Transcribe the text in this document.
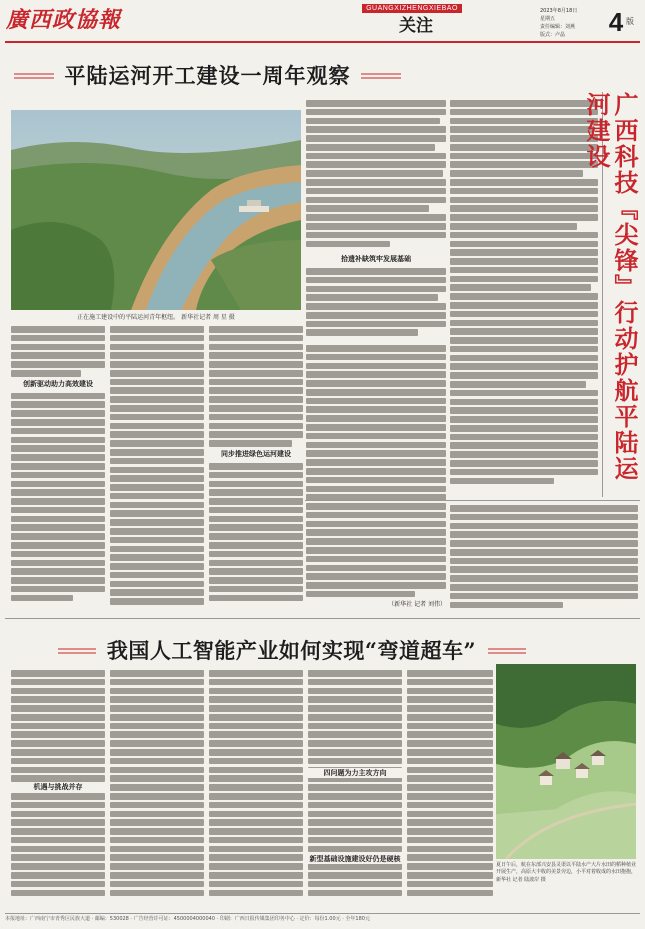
廣西政協報	GUANGXIZHENGXIEBAO
关注
2023年8月18日
星期五
责任编辑：刘燕
版式：卢晶	4 版
平陆运河开工建设一周年观察
正在施工建设中的平陆运河青年枢纽。 新华社记者 周 星 摄
拾遗补缺筑牢发展基础
创新驱动助力高效建设
同步推进绿色运河建设
（新华社 记者 刘伟）
广西科技『尖锋』行动护航平陆运河建设
我国人工智能产业如何实现“弯道超车”
机遇与挑战并存
四问题为力主攻方向
新型基础设施建设好仍是硬核
夏日午后，航在东部兴安县灵渠以平陆水产大片水田的稻种植业开展生产，高原大丰收的美景旁边，小平对着收成的水田抱抱，新华社 记者 陆波岸 摄
本报地址：广西南宁市青秀区民族大道 · 邮编：530028 · 广告经营许可证：4500004000040 · 印刷：广西日报传媒集团印务中心 · 定价：每份1.00元 · 全年180元
